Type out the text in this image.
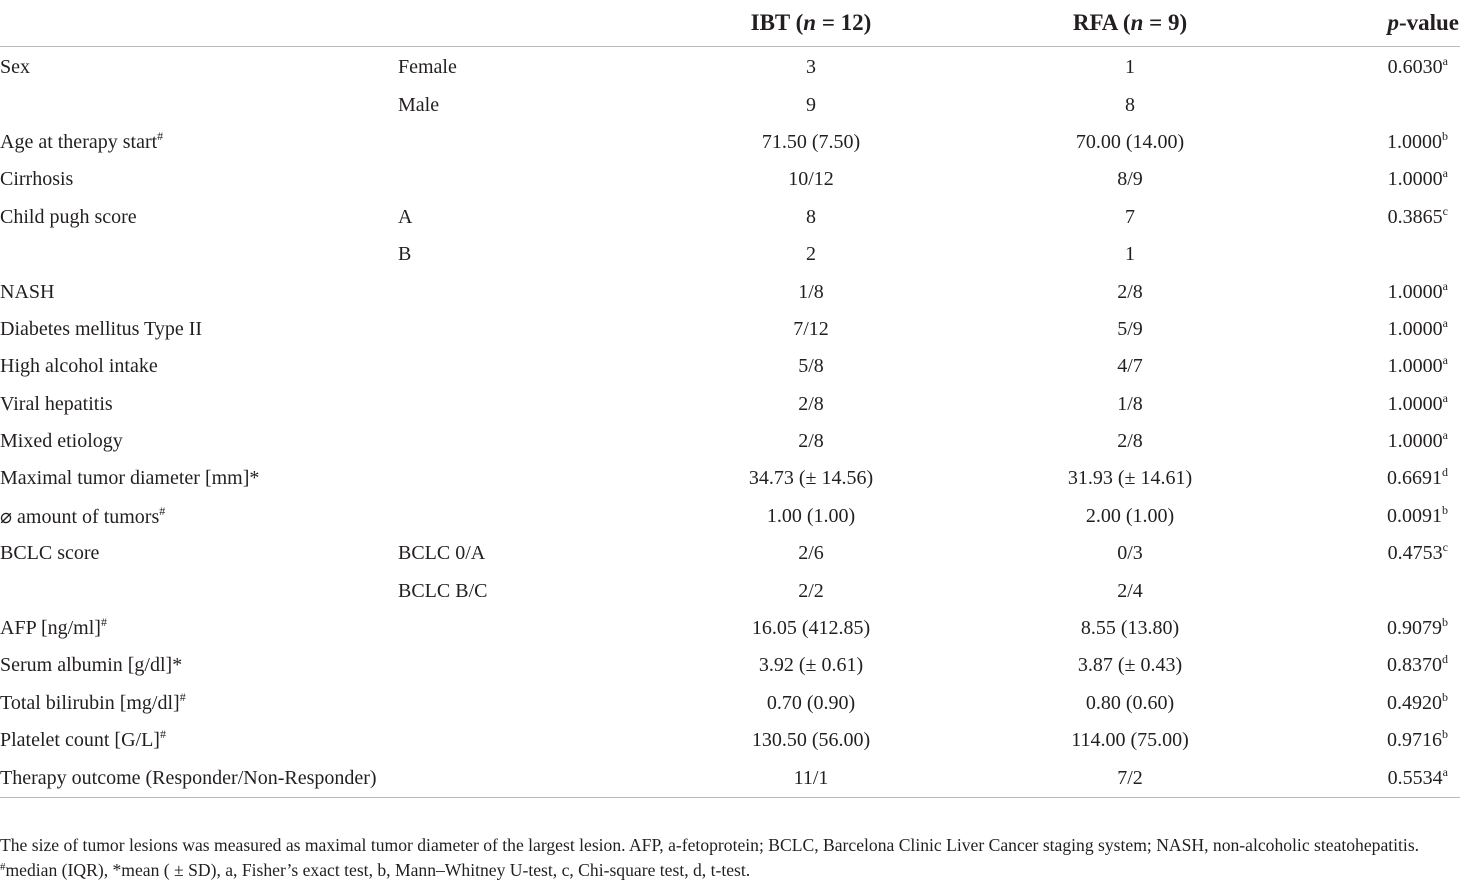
		IBT (n = 12)	RFA (n = 9)	p-value
Sex	Female	3	1	0.6030$^a$
	Male	9	8	
Age at therapy start#		71.50 (7.50)	70.00 (14.00)	1.0000$^b$
Cirrhosis		10/12	8/9	1.0000$^a$
Child pugh score	A	8	7	0.3865$^c$
	B	2	1	
NASH		1/8	2/8	1.0000$^a$
Diabetes mellitus Type II		7/12	5/9	1.0000$^a$
High alcohol intake		5/8	4/7	1.0000$^a$
Viral hepatitis		2/8	1/8	1.0000$^a$
Mixed etiology		2/8	2/8	1.0000$^a$
Maximal tumor diameter [mm]*		34.73 (± 14.56)	31.93 (± 14.61)	0.6691$^d$
⌀ amount of tumors#		1.00 (1.00)	2.00 (1.00)	0.0091$^b$
BCLC score	BCLC 0/A	2/6	0/3	0.4753$^c$
	BCLC B/C	2/2	2/4	
AFP [ng/ml]#		16.05 (412.85)	8.55 (13.80)	0.9079$^b$
Serum albumin [g/dl]*		3.92 (± 0.61)	3.87 (± 0.43)	0.8370$^d$
Total bilirubin [mg/dl]#		0.70 (0.90)	0.80 (0.60)	0.4920$^b$
Platelet count [G/L]#		130.50 (56.00)	114.00 (75.00)	0.9716$^b$
Therapy outcome (Responder/Non-Responder)		11/1	7/2	0.5534$^a$
The size of tumor lesions was measured as maximal tumor diameter of the largest lesion. AFP, a-fetoprotein; BCLC, Barcelona Clinic Liver Cancer staging system; NASH, non-alcoholic steatohepatitis. #median (IQR), *mean ( ± SD), a, Fisher’s exact test, b, Mann–Whitney U-test, c, Chi-square test, d, t-test.
